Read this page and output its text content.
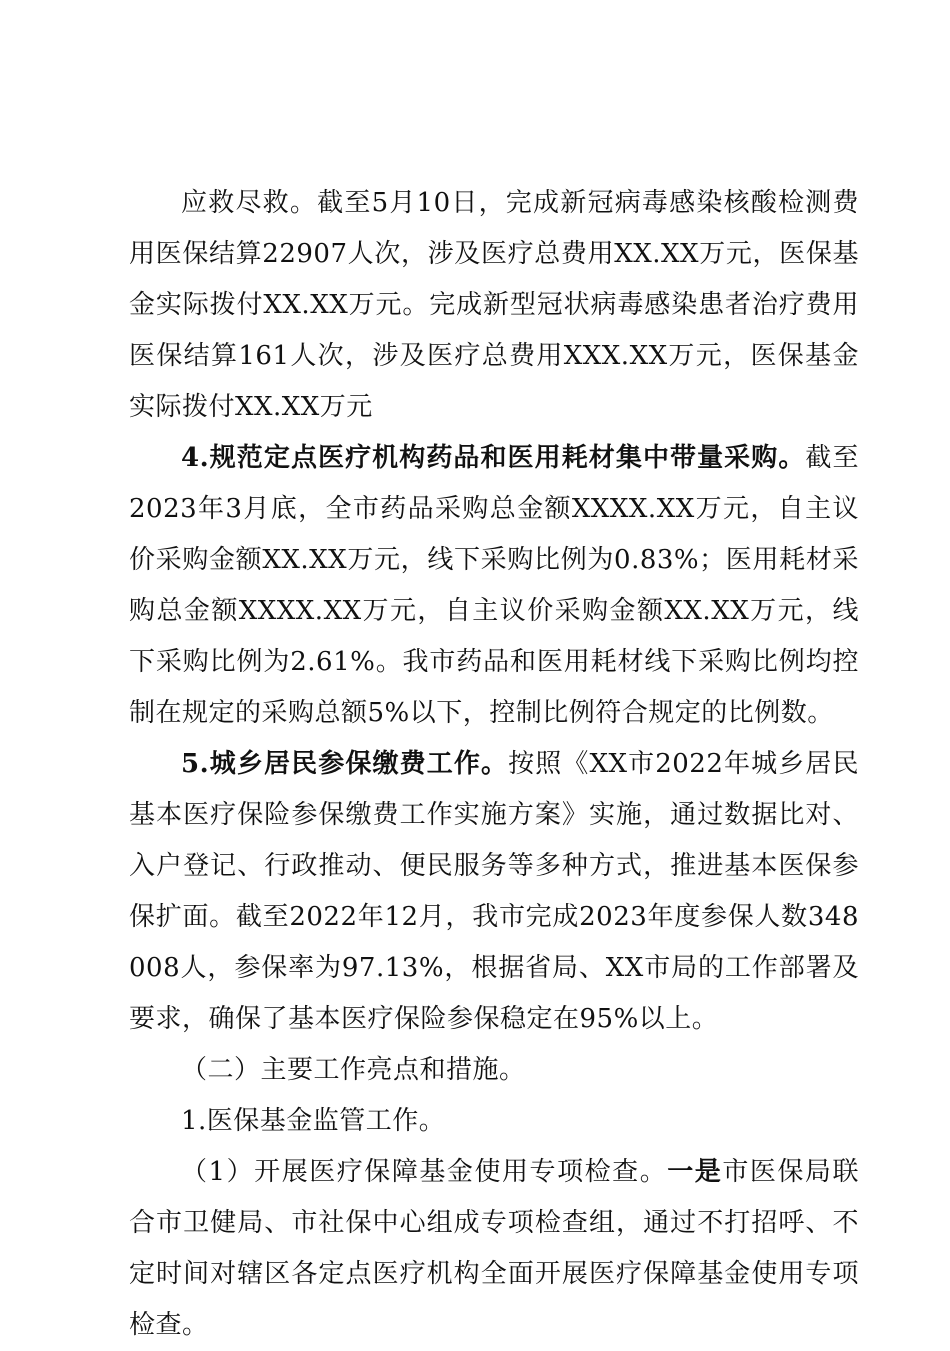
应救尽救。截至5月10日，完成新冠病毒感染核酸检测费用医保结算22907人次，涉及医疗总费用XX.XX万元，医保基金实际拨付XX.XX万元。完成新型冠状病毒感染患者治疗费用医保结算161人次，涉及医疗总费用XXX.XX万元，医保基金实际拨付XX.XX万元

4.规范定点医疗机构药品和医用耗材集中带量采购。截至2023年3月底，全市药品采购总金额XXXX.XX万元，自主议价采购金额XX.XX万元，线下采购比例为0.83%；医用耗材采购总金额XXXX.XX万元，自主议价采购金额XX.XX万元，线下采购比例为2.61%。我市药品和医用耗材线下采购比例均控制在规定的采购总额5%以下，控制比例符合规定的比例数。

5.城乡居民参保缴费工作。按照《XX市2022年城乡居民基本医疗保险参保缴费工作实施方案》实施，通过数据比对、入户登记、行政推动、便民服务等多种方式，推进基本医保参保扩面。截至2022年12月，我市完成2023年度参保人数348008人，参保率为97.13%，根据省局、XX市局的工作部署及要求，确保了基本医疗保险参保稳定在95%以上。

（二）主要工作亮点和措施。

1.医保基金监管工作。

（1）开展医疗保障基金使用专项检查。一是市医保局联合市卫健局、市社保中心组成专项检查组，通过不打招呼、不定时间对辖区各定点医疗机构全面开展医疗保障基金使用专项检查。
